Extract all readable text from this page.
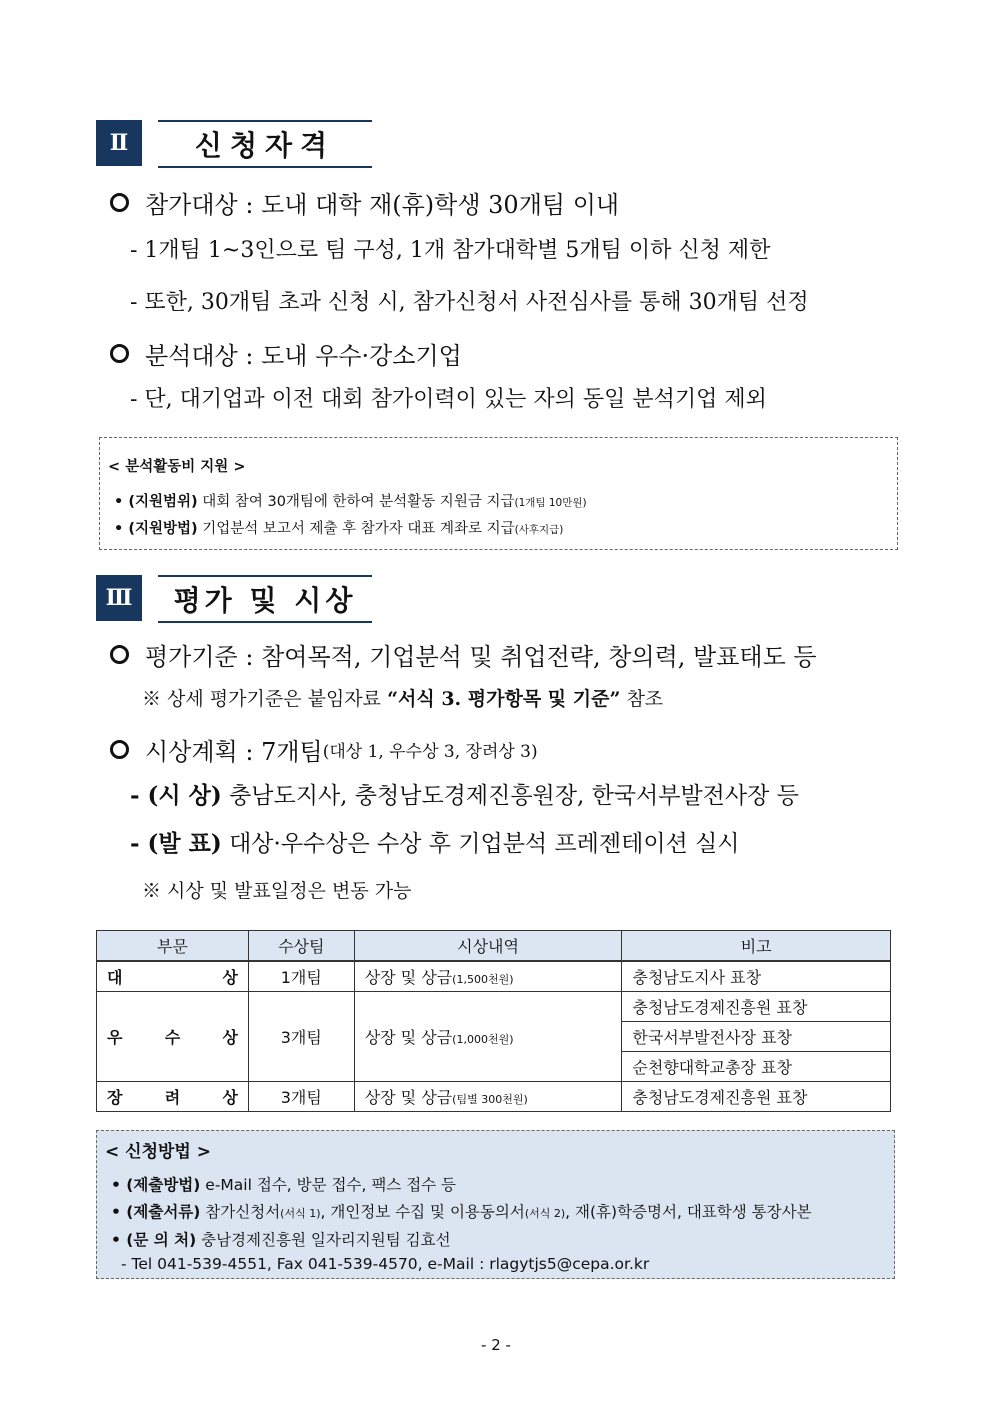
Ⅱ	신청자격
참가대상 : 도내 대학 재(휴)학생 30개팀 이내
- 1개팀 1~3인으로 팀 구성, 1개 참가대학별 5개팀 이하 신청 제한
- 또한, 30개팀 초과 신청 시, 참가신청서 사전심사를 통해 30개팀 선정
분석대상 : 도내 우수·강소기업
- 단, 대기업과 이전 대회 참가이력이 있는 자의 동일 분석기업 제외
< 분석활동비 지원 >
• (지원범위) 대회 참여 30개팀에 한하여 분석활동 지원금 지급(1개팀 10만원)
• (지원방법) 기업분석 보고서 제출 후 참가자 대표 계좌로 지급(사후지급)
Ⅲ	평가 및 시상
평가기준 : 참여목적, 기업분석 및 취업전략, 창의력, 발표태도 등
※ 상세 평가기준은 붙임자료 “서식 3. 평가항목 및 기준” 참조
시상계획 : 7개팀 (대상 1, 우수상 3, 장려상 3)
- (시 상) 충남도지사, 충청남도경제진흥원장, 한국서부발전사장 등
- (발 표) 대상·우수상은 수상 후 기업분석 프레젠테이션 실시
※ 시상 및 발표일정은 변동 가능
부문	수상팀	시상내역	비고

대 상	1개팀	상장 및 상금(1,500천원)	충청남도지사 표창

우 수 상	3개팀	상장 및 상금(1,000천원)	충청남도경제진흥원 표창
			한국서부발전사장 표창
			순천향대학교총장 표창

장 려 상	3개팀	상장 및 상금(팀별 300천원)	충청남도경제진흥원 표창
< 신청방법 >
• (제출방법) e-Mail 접수, 방문 접수, 팩스 접수 등
• (제출서류) 참가신청서(서식 1), 개인정보 수집 및 이용동의서(서식 2), 재(휴)학증명서, 대표학생 통장사본
• (문 의 처) 충남경제진흥원 일자리지원팀 김효선
- Tel 041-539-4551, Fax 041-539-4570, e-Mail : rlagytjs5@cepa.or.kr
- 2 -
